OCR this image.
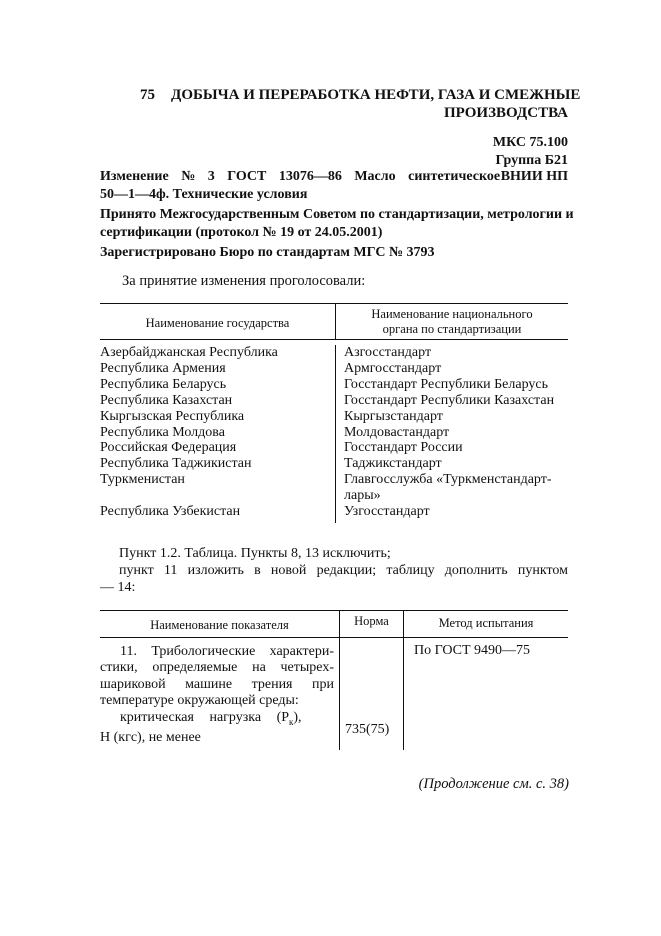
75 ДОБЫЧА И ПЕРЕРАБОТКА НЕФТИ, ГАЗА И СМЕЖНЫЕ
ПРОИЗВОДСТВА
МКС 75.100
Группа Б21
Изменение № 3 ГОСТ 13076—86 Масло синтетическое ВНИИ НП
50—1—4ф. Технические условия
Принято Межгосударственным Советом по стандартизации, метрологии и
сертификации (протокол № 19 от 24.05.2001)
Зарегистрировано Бюро по стандартам МГС № 3793
За принятие изменения проголосовали:
Наименование государства
Наименование национального
органа по стандартизации
Азербайджанская Республика
Республика Армения
Республика Беларусь
Республика Казахстан
Кыргызская Республика
Республика Молдова
Российская Федерация
Республика Таджикистан
Туркменистан
Республика Узбекистан
Азгосстандарт
Армгосстандарт
Госстандарт Республики Беларусь
Госстандарт Республики Казахстан
Кыргызстандарт
Молдовастандарт
Госстандарт России
Таджикстандарт
Главгосслужба «Туркменстандарт-
лары»
Узгосстандарт
Пункт 1.2. Таблица. Пункты 8, 13 исключить;
пункт 11 изложить в новой редакции; таблицу дополнить пунктом
— 14:
Наименование показателя	Норма	Метод испытания
11. Трибологические характери-
стики, определяемые на четырех-
шариковой машине трения при
температуре окружающей среды:
критическая нагрузка $(P_к)$,
Н (кгс), не менее
735(75)
По ГОСТ 9490—75
(Продолжение см. с. 38)
